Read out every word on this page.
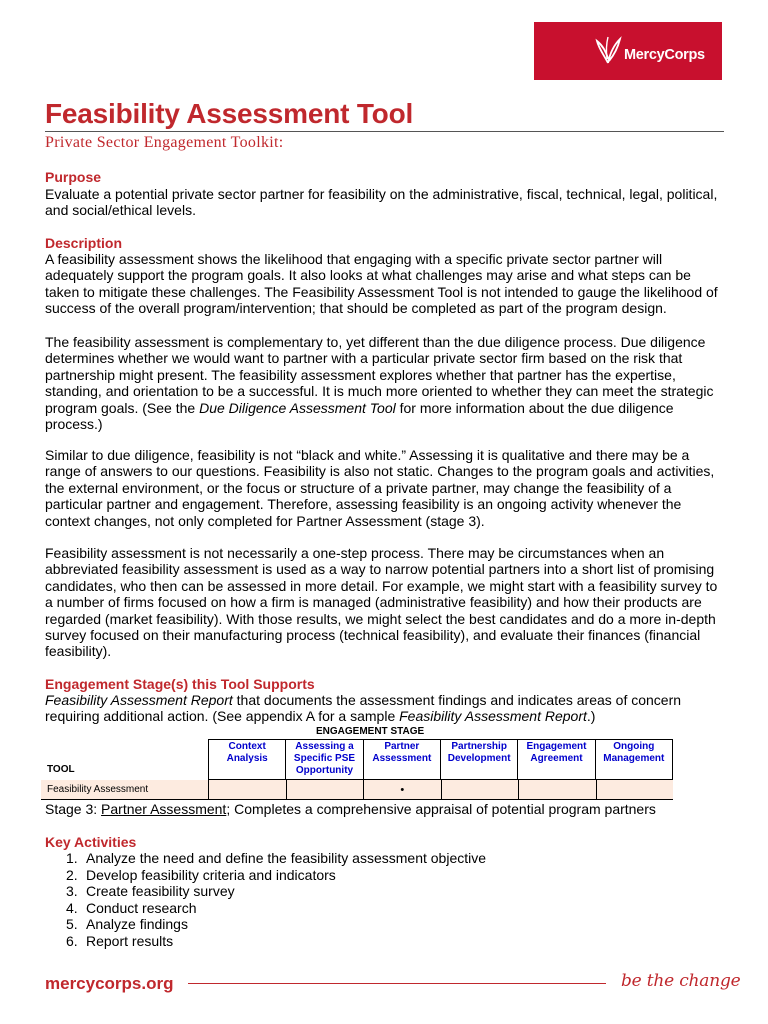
MercyCorps
Feasibility Assessment Tool
Private Sector Engagement Toolkit:
Purpose
Evaluate a potential private sector partner for feasibility on the administrative, fiscal, technical, legal, political, and social/ethical levels.
Description
A feasibility assessment shows the likelihood that engaging with a specific private sector partner will adequately support the program goals. It also looks at what challenges may arise and what steps can be taken to mitigate these challenges. The Feasibility Assessment Tool is not intended to gauge the likelihood of success of the overall program/intervention; that should be completed as part of the program design.
The feasibility assessment is complementary to, yet different than the due diligence process. Due diligence determines whether we would want to partner with a particular private sector firm based on the risk that partnership might present. The feasibility assessment explores whether that partner has the expertise, standing, and orientation to be a successful. It is much more oriented to whether they can meet the strategic program goals. (See the Due Diligence Assessment Tool for more information about the due diligence process.)
Similar to due diligence, feasibility is not “black and white.” Assessing it is qualitative and there may be a range of answers to our questions. Feasibility is also not static. Changes to the program goals and activities, the external environment, or the focus or structure of a private partner, may change the feasibility of a particular partner and engagement. Therefore, assessing feasibility is an ongoing activity whenever the context changes, not only completed for Partner Assessment (stage 3).
Feasibility assessment is not necessarily a one-step process. There may be circumstances when an abbreviated feasibility assessment is used as a way to narrow potential partners into a short list of promising candidates, who then can be assessed in more detail. For example, we might start with a feasibility survey to a number of firms focused on how a firm is managed (administrative feasibility) and how their products are regarded (market feasibility). With those results, we might select the best candidates and do a more in-depth survey focused on their manufacturing process (technical feasibility), and evaluate their finances (financial feasibility).
Engagement Stage(s) this Tool Supports
Feasibility Assessment Report that documents the assessment findings and indicates areas of concern requiring additional action. (See appendix A for a sample Feasibility Assessment Report.)
ENGAGEMENT STAGE
TOOL
Context
Analysis
Assessing a
Specific PSE
Opportunity
Partner
Assessment
Partnership
Development
Engagement
Agreement
Ongoing
Management
Feasibility Assessment	•
Stage 3: Partner Assessment; Completes a comprehensive appraisal of potential program partners
Key Activities
1. Analyze the need and define the feasibility assessment objective
2. Develop feasibility criteria and indicators
3. Create feasibility survey
4. Conduct research
5. Analyze findings
6. Report results
mercycorps.org	be the change
